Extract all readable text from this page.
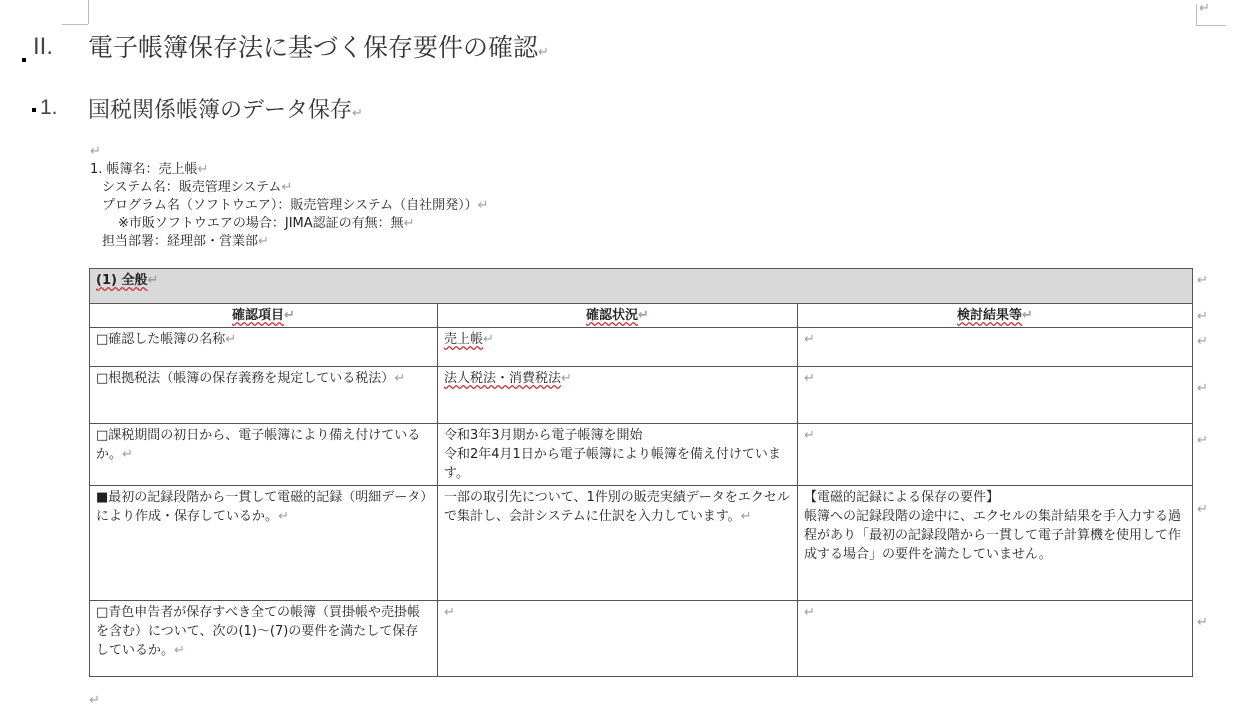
↵
II. 電子帳簿保存法に基づく保存要件の確認↵
1. 国税関係帳簿のデータ保存↵
↵
1. 帳簿名：売上帳↵
システム名：販売管理システム↵
プログラム名（ソフトウエア）：販売管理システム（自社開発））↵
※市販ソフトウエアの場合：JIMA認証の有無：無↵
担当部署：経理部・営業部↵
(1) 全般↵		
確認項目↵	確認状況↵	検討結果等↵
□確認した帳簿の名称↵	売上帳↵	↵
□根拠税法（帳簿の保存義務を規定している税法）↵	法人税法・消費税法↵	↵
□課税期間の初日から、電子帳簿により備え付けているか。↵	令和3年3月期から電子帳簿を開始
令和2年4月1日から電子帳簿により帳簿を備え付けています。	↵
■最初の記録段階から一貫して電磁的記録（明細データ）により作成・保存しているか。↵	一部の取引先について、1件別の販売実績データをエクセルで集計し、会計システムに仕訳を入力しています。↵	【電磁的記録による保存の要件】
帳簿への記録段階の途中に、エクセルの集計結果を手入力する過程があり「最初の記録段階から一貫して電子計算機を使用して作成する場合」の要件を満たしていません。
□青色申告者が保存すべき全ての帳簿（買掛帳や売掛帳を含む）について、次の(1)～(7)の要件を満たして保存しているか。↵	↵	↵
↵
↵
↵
↵
↵
↵
↵
↵
